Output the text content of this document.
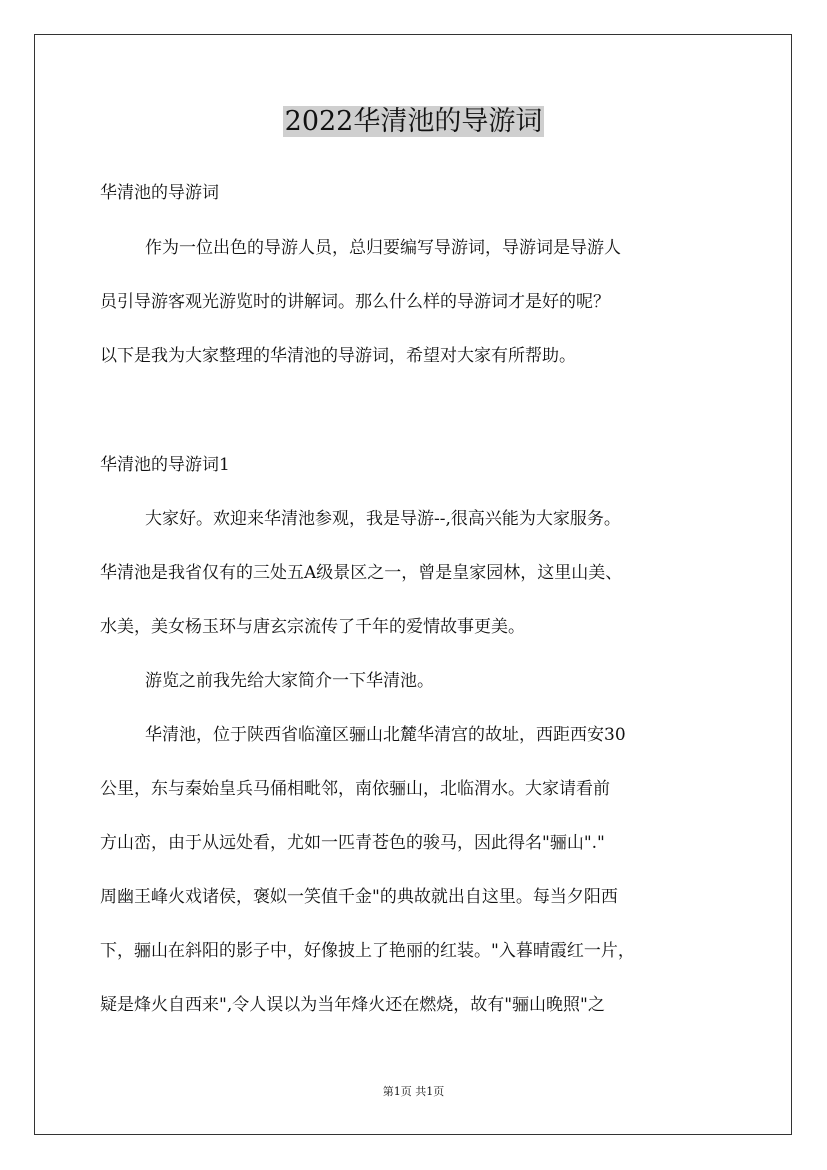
2022华清池的导游词
华清池的导游词
作为一位出色的导游人员，总归要编写导游词，导游词是导游人
员引导游客观光游览时的讲解词。那么什么样的导游词才是好的呢？
以下是我为大家整理的华清池的导游词，希望对大家有所帮助。
华清池的导游词1
大家好。欢迎来华清池参观，我是导游--,很高兴能为大家服务。
华清池是我省仅有的三处五A级景区之一，曾是皇家园林，这里山美、
水美，美女杨玉环与唐玄宗流传了千年的爱情故事更美。
游览之前我先给大家简介一下华清池。
华清池，位于陕西省临潼区骊山北麓华清宫的故址，西距西安30
公里，东与秦始皇兵马俑相毗邻，南依骊山，北临渭水。大家请看前
方山峦，由于从远处看，尤如一匹青苍色的骏马，因此得名"骊山"."
周幽王峰火戏诸侯，褒姒一笑值千金"的典故就出自这里。每当夕阳西
下，骊山在斜阳的影子中，好像披上了艳丽的红装。"入暮晴霞红一片，
疑是烽火自西来",令人误以为当年烽火还在燃烧，故有"骊山晚照"之
第1页 共1页
